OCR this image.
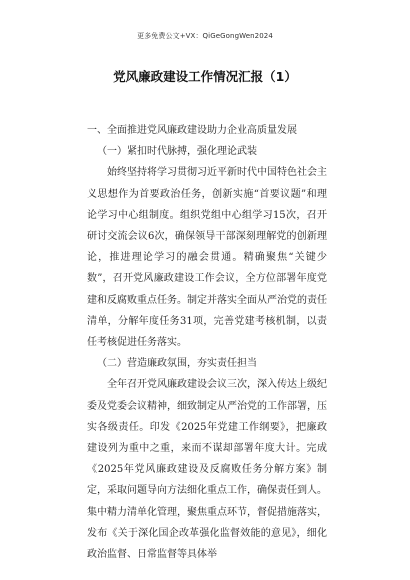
更多免费公文+VX：QiGeGongWen2024
党风廉政建设工作情况汇报（1）

一、全面推进党风廉政建设助力企业高质量发展

（一）紧扣时代脉搏，强化理论武装

始终坚持将学习贯彻习近平新时代中国特色社会主义思想作为首要政治任务，创新实施“首要议题”和理论学习中心组制度。组织党组中心组学习15次，召开研讨交流会议6次，确保领导干部深刻理解党的创新理论，推进理论学习的融会贯通。精确聚焦“关键少数”，召开党风廉政建设工作会议，全方位部署年度党建和反腐败重点任务。制定并落实全面从严治党的责任清单，分解年度任务31项，完善党建考核机制，以责任考核促进任务落实。

（二）营造廉政氛围，夯实责任担当

全年召开党风廉政建设会议三次，深入传达上级纪委及党委会议精神，细致制定从严治党的工作部署，压实各级责任。印发《2025年党建工作纲要》，把廉政建设列为重中之重，来而不谋却部署年度大计。完成《2025年党风廉政建设及反腐败任务分解方案》制定，采取问题导向方法细化重点工作，确保责任到人。集中精力清单化管理，聚焦重点环节，督促措施落实，发布《关于深化国企改革强化监督效能的意见》，细化政治监督、日常监督等具体举
